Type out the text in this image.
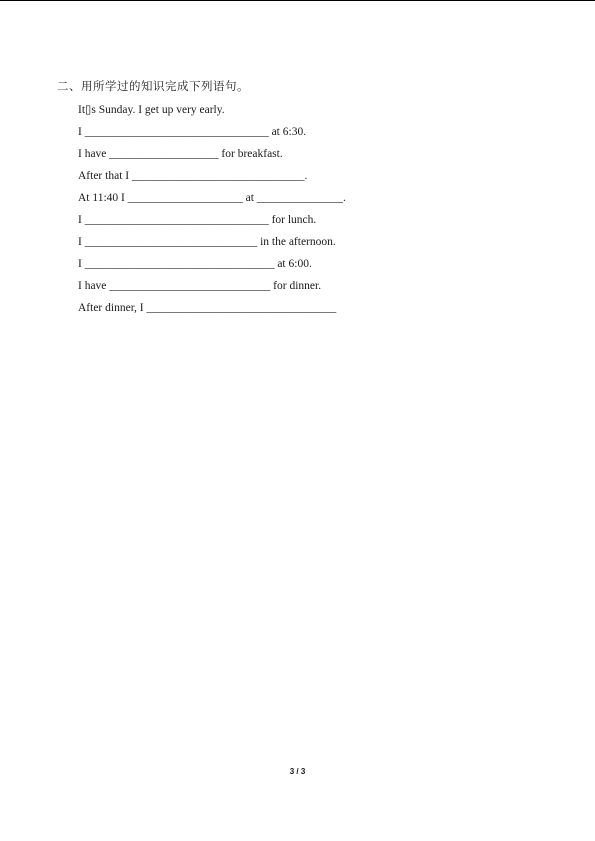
二、用所学过的知识完成下列语句。
It▯s Sunday. I get up very early.
I ________________________________ at 6:30.
I have ___________________ for breakfast.
After that I ______________________________.
At 11:40 I ____________________ at _______________.
I ________________________________ for lunch.
I ______________________________ in the afternoon.
I _________________________________ at 6:00.
I have ____________________________ for dinner.
After dinner, I _________________________________
3 / 3
